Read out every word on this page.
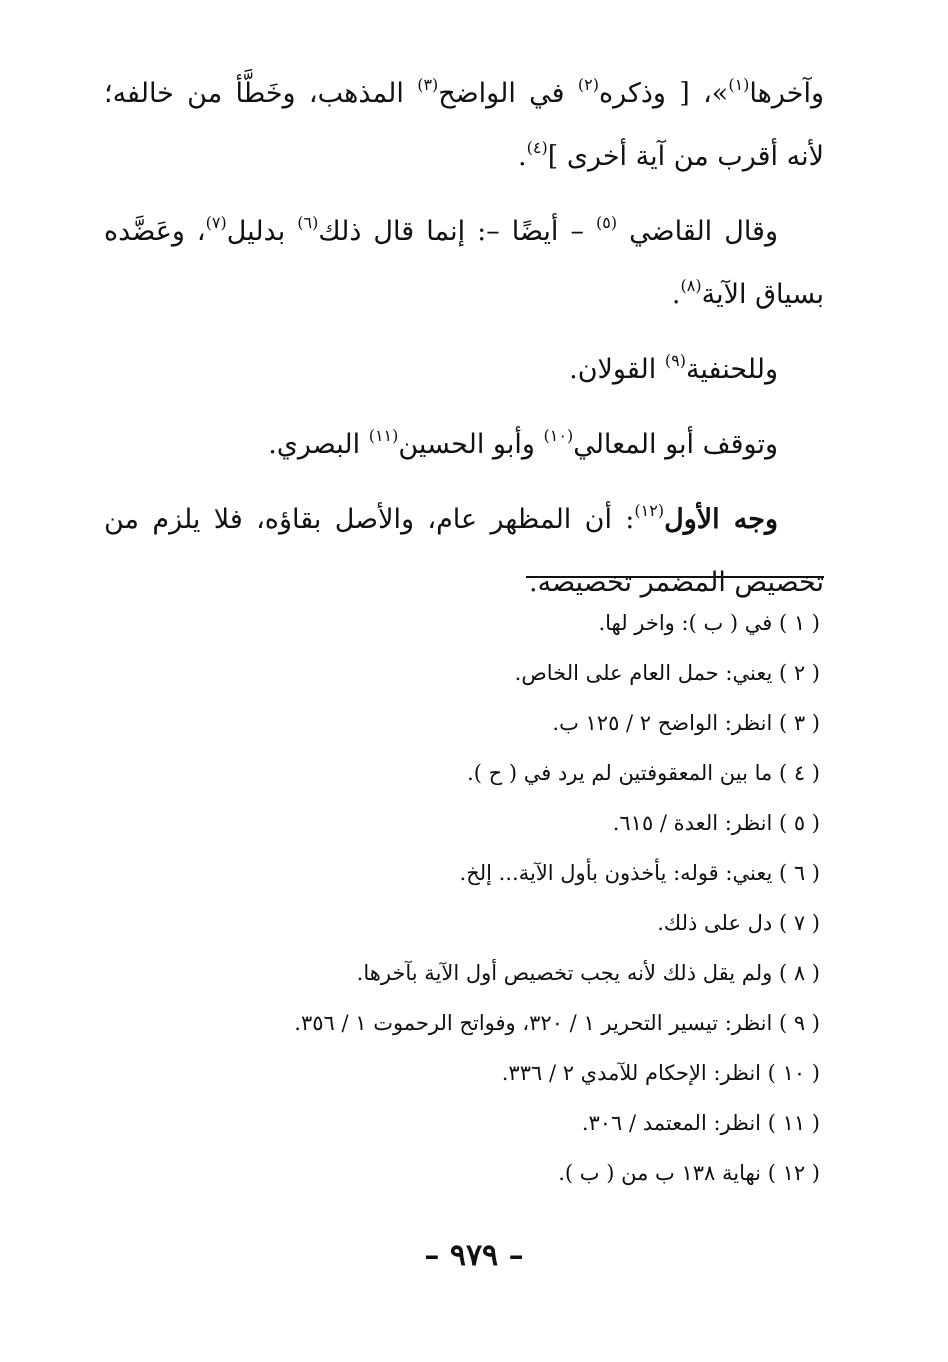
وآخرها$^{(١)}$»، [ وذكره$^{(٢)}$ في الواضح$^{(٣)}$ المذهب، وخَطَّأ من خالفه؛ لأنه أقرب من آية أخرى ]$^{(٤)}$.

وقال القاضي $^{(٥)}$ – أيضًا –: إنما قال ذلك$^{(٦)}$ بدليل$^{(٧)}$، وعَضَّده بسياق الآية$^{(٨)}$.

وللحنفية$^{(٩)}$ القولان.

وتوقف أبو المعالي$^{(١٠)}$ وأبو الحسين$^{(١١)}$ البصري.

وجه الأول$^{(١٢)}$: أن المظهر عام، والأصل بقاؤه، فلا يلزم من تخصيص المضمر تخصيصه.

( ١ ) في ( ب ): واخر لها.
( ٢ ) يعني: حمل العام على الخاص.
( ٣ ) انظر: الواضح ٢ / ١٢٥ ب.
( ٤ ) ما بين المعقوفتين لم يرد في ( ح ).
( ٥ ) انظر: العدة / ٦١٥.
( ٦ ) يعني: قوله: يأخذون بأول الآية... إلخ.
( ٧ ) دل على ذلك.
( ٨ ) ولم يقل ذلك لأنه يجب تخصيص أول الآية بآخرها.
( ٩ ) انظر: تيسير التحرير ١ / ٣٢٠، وفواتح الرحموت ١ / ٣٥٦.
( ١٠ ) انظر: الإحكام للآمدي ٢ / ٣٣٦.
( ١١ ) انظر: المعتمد / ٣٠٦.
( ١٢ ) نهاية ١٣٨ ب من ( ب ).
– ٩٧٩ –
